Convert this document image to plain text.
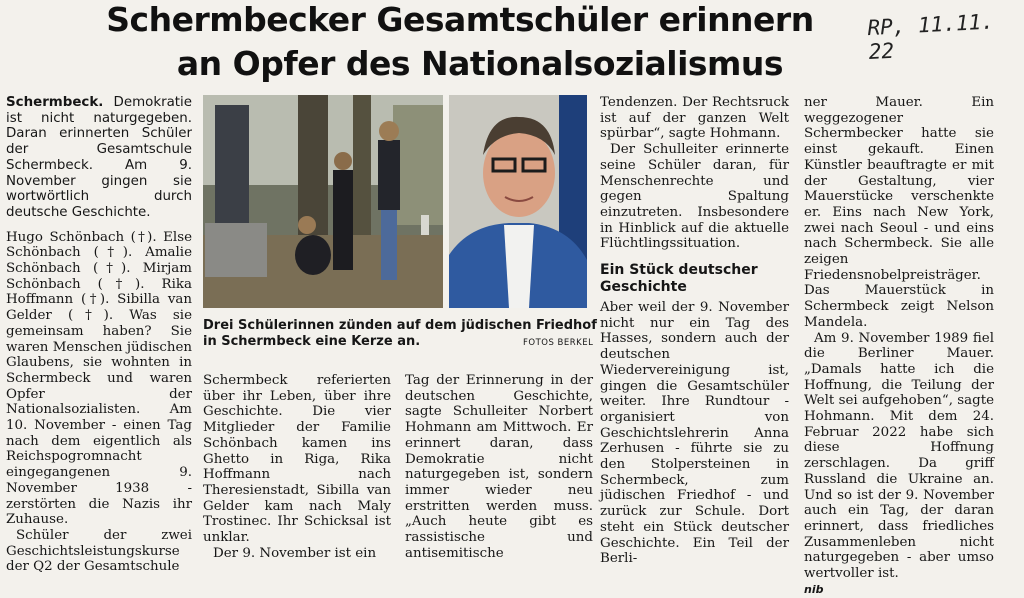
Schermbecker Gesamtschüler erinnern
an Opfer des Nationalsozialismus
RP, 11.11. 22

Schermbeck. Demokratie ist nicht naturgegeben. Daran erinnerten Schüler der Gesamtschule Schermbeck. Am 9. November gingen sie wortwörtlich durch deutsche Geschichte.

Hugo Schönbach (†). Else Schönbach (†). Amalie Schönbach (†). Mirjam Schönbach (†). Rika Hoffmann (†). Sibilla van Gelder (†). Was sie gemeinsam haben? Sie waren Menschen jüdischen Glaubens, sie wohnten in Schermbeck und waren Opfer der Nationalsozialisten. Am 10. November - einen Tag nach dem eigentlich als Reichspogromnacht eingegangenen 9. November 1938 - zerstörten die Nazis ihr Zuhause.

Schüler der zwei Geschichtsleistungskurse der Q2 der Gesamtschule

Drei Schülerinnen zünden auf dem jüdischen Friedhof in Schermbeck eine Kerze an.	FOTOS BERKEL

Schermbeck referierten über ihr Leben, über ihre Geschichte. Die vier Mitglieder der Familie Schönbach kamen ins Ghetto in Riga, Rika Hoffmann nach Theresienstadt, Sibilla van Gelder kam nach Maly Trostinec. Ihr Schicksal ist unklar.

Der 9. November ist ein

Tag der Erinnerung in der deutschen Geschichte, sagte Schulleiter Norbert Hohmann am Mittwoch. Er erinnert daran, dass Demokratie nicht naturgegeben ist, sondern immer wieder neu erstritten werden muss. „Auch heute gibt es rassistische und antisemitische

Tendenzen. Der Rechtsruck ist auf der ganzen Welt spürbar“, sagte Hohmann.

Der Schulleiter erinnerte seine Schüler daran, für Menschenrechte und gegen Spaltung einzutreten. Insbesondere in Hinblick auf die aktuelle Flüchtlingssituation.

Ein Stück deutscher Geschichte

Aber weil der 9. November nicht nur ein Tag des Hasses, sondern auch der deutschen Wiedervereinigung ist, gingen die Gesamtschüler weiter. Ihre Rundtour - organisiert von Geschichtslehrerin Anna Zerhusen - führte sie zu den Stolpersteinen in Schermbeck, zum jüdischen Friedhof - und zurück zur Schule. Dort steht ein Stück deutscher Geschichte. Ein Teil der Berli-

ner Mauer. Ein weggezogener Schermbecker hatte sie einst gekauft. Einen Künstler beauftragte er mit der Gestaltung, vier Mauerstücke verschenkte er. Eins nach New York, zwei nach Seoul - und eins nach Schermbeck. Sie alle zeigen Friedensnobelpreisträger. Das Mauerstück in Schermbeck zeigt Nelson Mandela.

Am 9. November 1989 fiel die Berliner Mauer. „Damals hatte ich die Hoffnung, die Teilung der Welt sei aufgehoben“, sagte Hohmann. Mit dem 24. Februar 2022 habe sich diese Hoffnung zerschlagen. Da griff Russland die Ukraine an. Und so ist der 9. November auch ein Tag, der daran erinnert, dass friedliches Zusammenleben nicht naturgegeben - aber umso wertvoller ist.

nib
